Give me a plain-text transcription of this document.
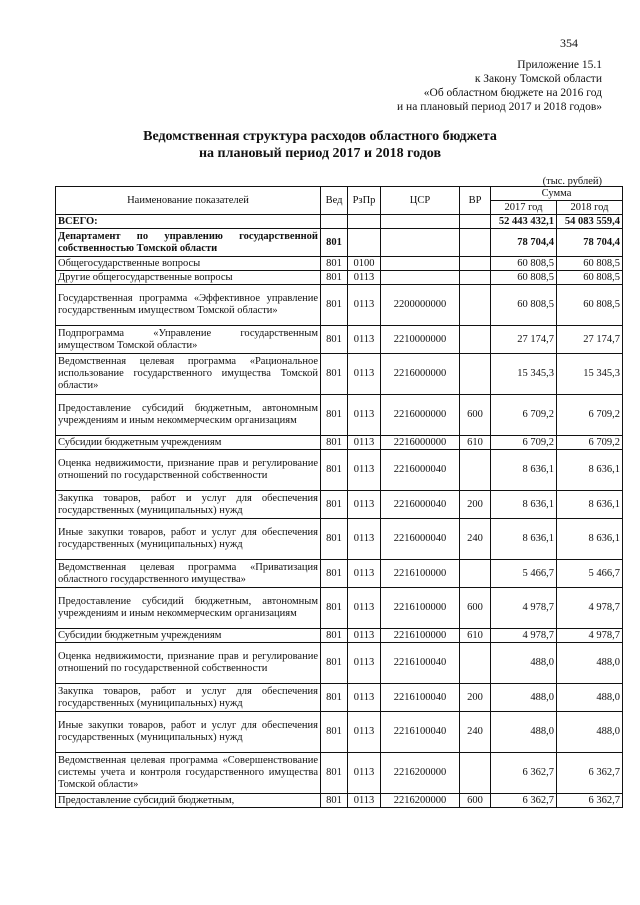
354
Приложение 15.1
к Закону Томской области
«Об областном бюджете на 2016 год
и на плановый период 2017 и 2018 годов»
Ведомственная структура расходов областного бюджета
на плановый период 2017 и 2018 годов
(тыс. рублей)
Наименование показателей	Вед	РзПр	ЦСР	ВР	Сумма	
					2017 год	2018 год
ВСЕГО:					52 443 432,1	54 083 559,4
Департамент по управлению государственной собственностью Томской области	801				78 704,4	78 704,4
Общегосударственные вопросы	801	0100			60 808,5	60 808,5
Другие общегосударственные вопросы	801	0113			60 808,5	60 808,5
Государственная программа «Эффективное управление государственным имуществом Томской области»	801	0113	2200000000		60 808,5	60 808,5
Подпрограмма «Управление государственным имуществом Томской области»	801	0113	2210000000		27 174,7	27 174,7
Ведомственная целевая программа «Рациональное использование государственного имущества Томской области»	801	0113	2216000000		15 345,3	15 345,3
Предоставление субсидий бюджетным, автономным учреждениям и иным некоммерческим организациям	801	0113	2216000000	600	6 709,2	6 709,2
Субсидии бюджетным учреждениям	801	0113	2216000000	610	6 709,2	6 709,2
Оценка недвижимости, признание прав и регулирование отношений по государственной собственности	801	0113	2216000040		8 636,1	8 636,1
Закупка товаров, работ и услуг для обеспечения государственных (муниципальных) нужд	801	0113	2216000040	200	8 636,1	8 636,1
Иные закупки товаров, работ и услуг для обеспечения государственных (муниципальных) нужд	801	0113	2216000040	240	8 636,1	8 636,1
Ведомственная целевая программа «Приватизация областного государственного имущества»	801	0113	2216100000		5 466,7	5 466,7
Предоставление субсидий бюджетным, автономным учреждениям и иным некоммерческим организациям	801	0113	2216100000	600	4 978,7	4 978,7
Субсидии бюджетным учреждениям	801	0113	2216100000	610	4 978,7	4 978,7
Оценка недвижимости, признание прав и регулирование отношений по государственной собственности	801	0113	2216100040		488,0	488,0
Закупка товаров, работ и услуг для обеспечения государственных (муниципальных) нужд	801	0113	2216100040	200	488,0	488,0
Иные закупки товаров, работ и услуг для обеспечения государственных (муниципальных) нужд	801	0113	2216100040	240	488,0	488,0
Ведомственная целевая программа «Совершенствование системы учета и контроля государственного имущества Томской области»	801	0113	2216200000		6 362,7	6 362,7
Предоставление субсидий бюджетным,	801	0113	2216200000	600	6 362,7	6 362,7
